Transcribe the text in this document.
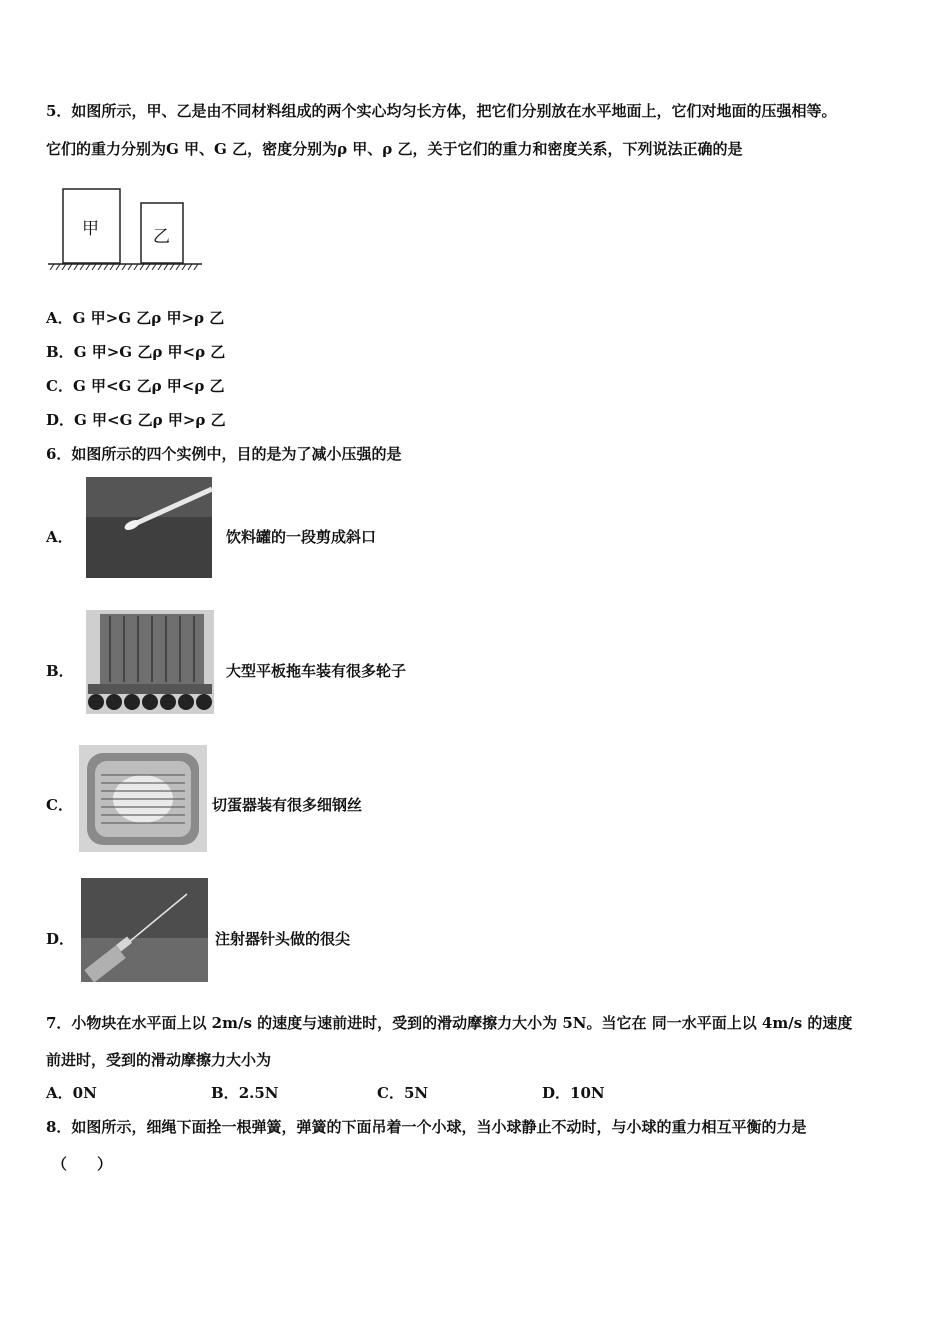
5．如图所示，甲、乙是由不同材料组成的两个实心均匀长方体，把它们分别放在水平地面上，它们对地面的压强相等。
它们的重力分别为G 甲、G 乙，密度分别为ρ 甲、ρ 乙，关于它们的重力和密度关系，下列说法正确的是
甲	乙
A．G 甲>G 乙ρ 甲>ρ 乙
B．G 甲>G 乙ρ 甲<ρ 乙
C．G 甲<G 乙ρ 甲<ρ 乙
D．G 甲<G 乙ρ 甲>ρ 乙
6．如图所示的四个实例中，目的是为了减小压强的是
A．	饮料罐的一段剪成斜口
B．	大型平板拖车装有很多轮子
C．	切蛋器装有很多细钢丝
D．	注射器针头做的很尖
7．小物块在水平面上以 2m/s 的速度与速前进时，受到的滑动摩擦力大小为 5N。当它在 同一水平面上以 4m/s 的速度
前进时，受到的滑动摩擦力大小为
A．0N	B．2.5N	C．5N	D．10N
8．如图所示，细绳下面拴一根弹簧，弹簧的下面吊着一个小球，当小球静止不动时，与小球的重力相互平衡的力是
（　　）
